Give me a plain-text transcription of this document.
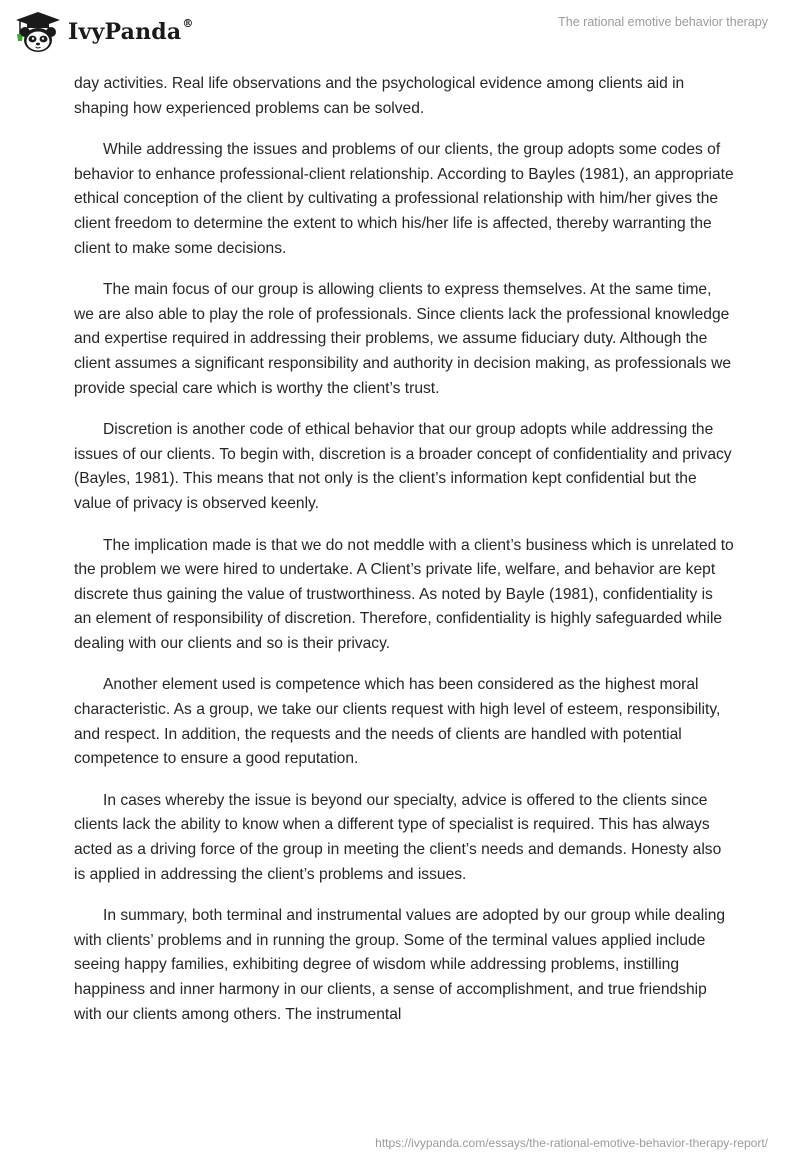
IvyPanda®	The rational emotive behavior therapy

day activities. Real life observations and the psychological evidence among clients aid in shaping how experienced problems can be solved.

While addressing the issues and problems of our clients, the group adopts some codes of behavior to enhance professional-client relationship. According to Bayles (1981), an appropriate ethical conception of the client by cultivating a professional relationship with him/her gives the client freedom to determine the extent to which his/her life is affected, thereby warranting the client to make some decisions.

The main focus of our group is allowing clients to express themselves. At the same time, we are also able to play the role of professionals. Since clients lack the professional knowledge and expertise required in addressing their problems, we assume fiduciary duty. Although the client assumes a significant responsibility and authority in decision making, as professionals we provide special care which is worthy the client’s trust.

Discretion is another code of ethical behavior that our group adopts while addressing the issues of our clients. To begin with, discretion is a broader concept of confidentiality and privacy (Bayles, 1981). This means that not only is the client’s information kept confidential but the value of privacy is observed keenly.

The implication made is that we do not meddle with a client’s business which is unrelated to the problem we were hired to undertake. A Client’s private life, welfare, and behavior are kept discrete thus gaining the value of trustworthiness. As noted by Bayle (1981), confidentiality is an element of responsibility of discretion. Therefore, confidentiality is highly safeguarded while dealing with our clients and so is their privacy.

Another element used is competence which has been considered as the highest moral characteristic. As a group, we take our clients request with high level of esteem, responsibility, and respect. In addition, the requests and the needs of clients are handled with potential competence to ensure a good reputation.

In cases whereby the issue is beyond our specialty, advice is offered to the clients since clients lack the ability to know when a different type of specialist is required. This has always acted as a driving force of the group in meeting the client’s needs and demands. Honesty also is applied in addressing the client’s problems and issues.

In summary, both terminal and instrumental values are adopted by our group while dealing with clients’ problems and in running the group. Some of the terminal values applied include seeing happy families, exhibiting degree of wisdom while addressing problems, instilling happiness and inner harmony in our clients, a sense of accomplishment, and true friendship with our clients among others. The instrumental

https://ivypanda.com/essays/the-rational-emotive-behavior-therapy-report/
